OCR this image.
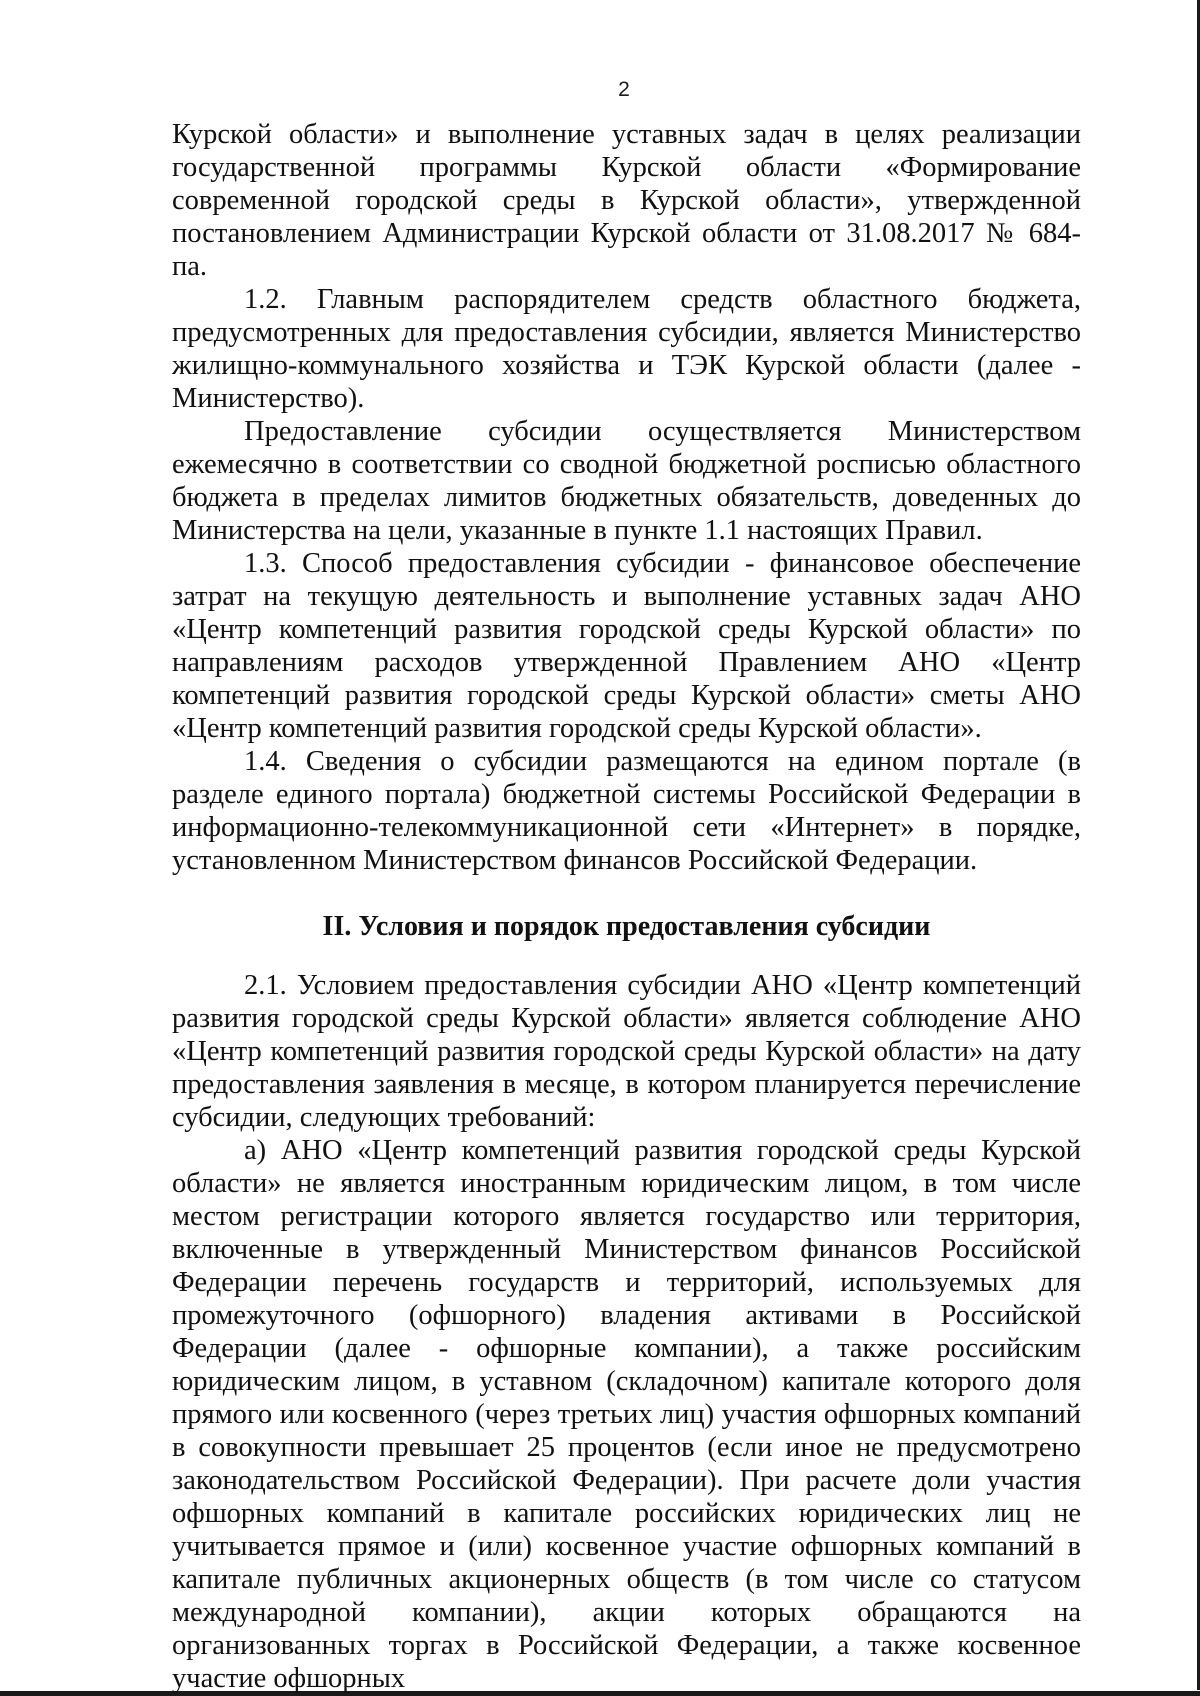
2

Курской области» и выполнение уставных задач в целях реализации государственной программы Курской области «Формирование современной городской среды в Курской области», утвержденной постановлением Администрации Курской области от 31.08.2017 № 684-па.

1.2. Главным распорядителем средств областного бюджета, предусмотренных для предоставления субсидии, является Министерство жилищно-коммунального хозяйства и ТЭК Курской области (далее - Министерство).

Предоставление субсидии осуществляется Министерством ежемесячно в соответствии со сводной бюджетной росписью областного бюджета в пределах лимитов бюджетных обязательств, доведенных до Министерства на цели, указанные в пункте 1.1 настоящих Правил.

1.3. Способ предоставления субсидии - финансовое обеспечение затрат на текущую деятельность и выполнение уставных задач АНО «Центр компетенций развития городской среды Курской области» по направлениям расходов утвержденной Правлением АНО «Центр компетенций развития городской среды Курской области» сметы АНО «Центр компетенций развития городской среды Курской области».

1.4. Сведения о субсидии размещаются на едином портале (в разделе единого портала) бюджетной системы Российской Федерации в информационно-телекоммуникационной сети «Интернет» в порядке, установленном Министерством финансов Российской Федерации.

II. Условия и порядок предоставления субсидии

2.1. Условием предоставления субсидии АНО «Центр компетенций развития городской среды Курской области» является соблюдение АНО «Центр компетенций развития городской среды Курской области» на дату предоставления заявления в месяце, в котором планируется перечисление субсидии, следующих требований:

а) АНО «Центр компетенций развития городской среды Курской области» не является иностранным юридическим лицом, в том числе местом регистрации которого является государство или территория, включенные в утвержденный Министерством финансов Российской Федерации перечень государств и территорий, используемых для промежуточного (офшорного) владения активами в Российской Федерации (далее - офшорные компании), а также российским юридическим лицом, в уставном (складочном) капитале которого доля прямого или косвенного (через третьих лиц) участия офшорных компаний в совокупности превышает 25 процентов (если иное не предусмотрено законодательством Российской Федерации). При расчете доли участия офшорных компаний в капитале российских юридических лиц не учитывается прямое и (или) косвенное участие офшорных компаний в капитале публичных акционерных обществ (в том числе со статусом международной компании), акции которых обращаются на организованных торгах в Российской Федерации, а также косвенное участие офшорных
